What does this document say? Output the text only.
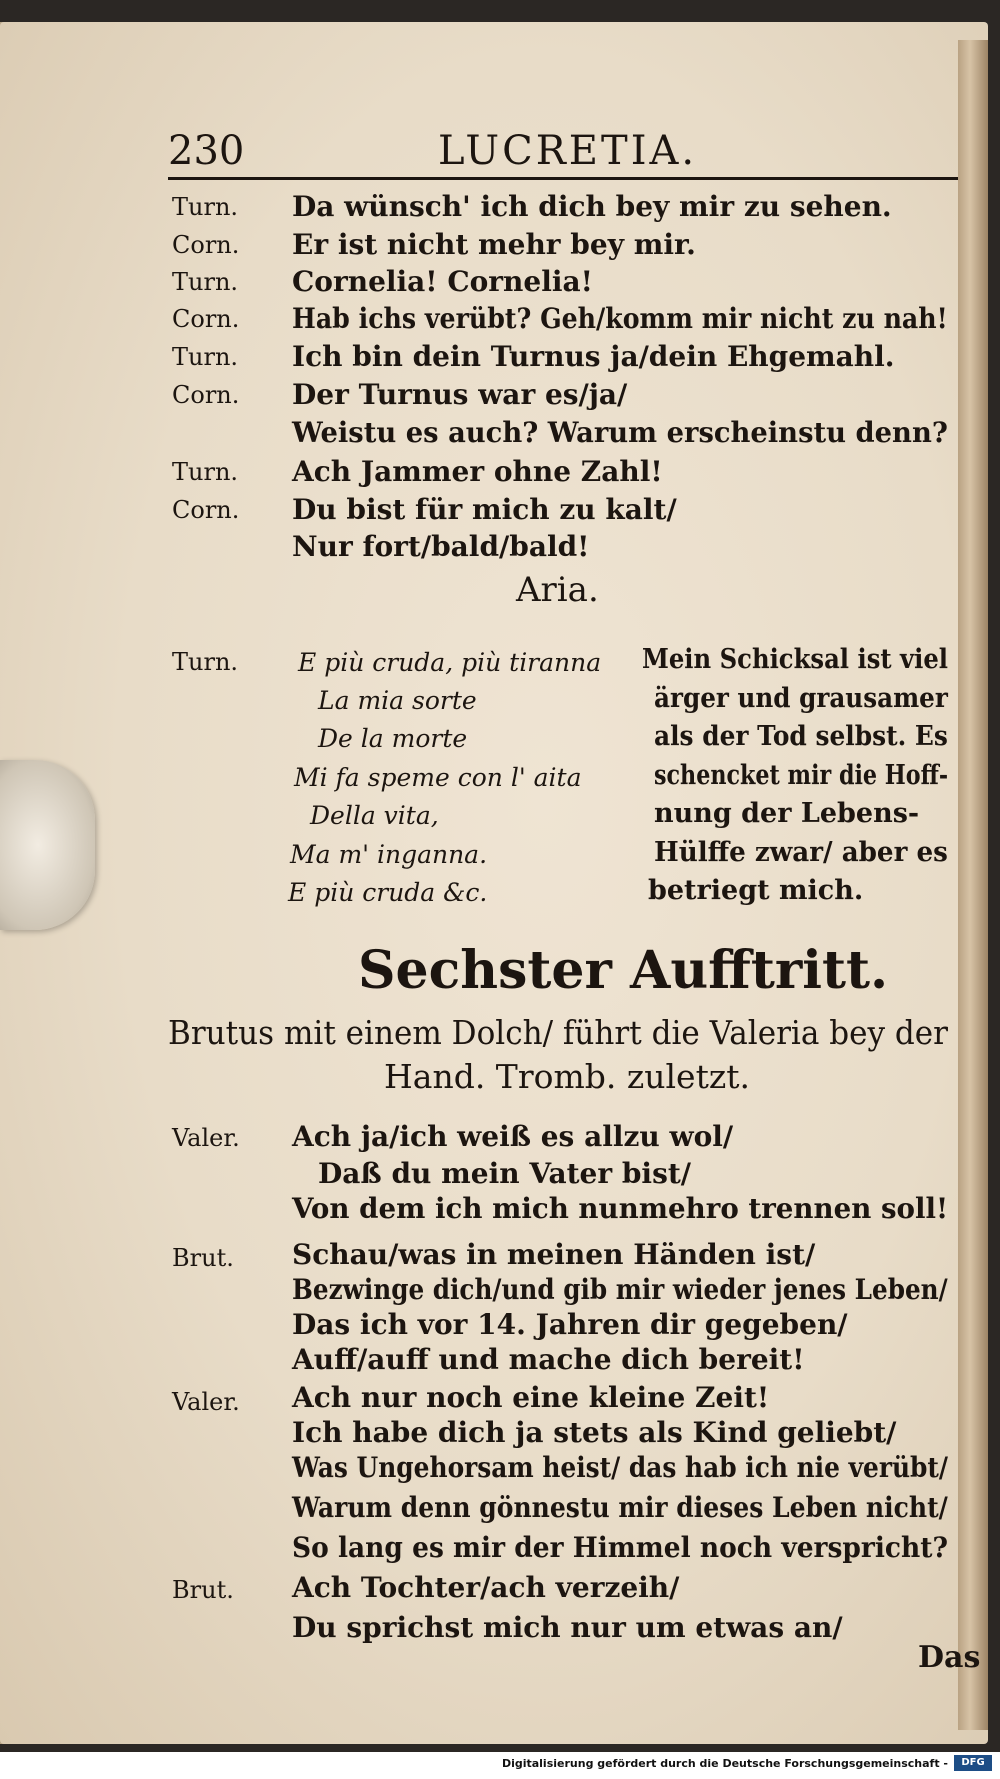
230	LUCRETIA.
Turn. Da wünsch' ich dich bey mir zu sehen.
Corn. Er ist nicht mehr bey mir.
Turn. Cornelia! Cornelia!
Corn. Hab ichs verübt? Geh/komm mir nicht zu nah!
Turn. Ich bin dein Turnus ja/dein Ehgemahl.
Corn. Der Turnus war es/ja/
Weistu es auch? Warum erscheinstu denn?
Turn. Ach Jammer ohne Zahl!
Corn. Du bist für mich zu kalt/
Nur fort/bald/bald!
Aria.
Turn. E più cruda, più tiranna
La mia sorte
De la morte
Mi fa speme con l' aita
Della vita,
Ma m' inganna.
E più cruda &c.
Mein Schicksal ist viel
ärger und grausamer
als der Tod selbst. Es
schencket mir die Hoff-
nung der Lebens-
Hülffe zwar/ aber es
betriegt mich.
Sechster Aufftritt.
Brutus mit einem Dolch/ führt die Valeria bey der
Hand. Tromb. zuletzt.
Valer. Ach ja/ich weiß es allzu wol/
Daß du mein Vater bist/
Von dem ich mich nunmehro trennen soll!
Brut. Schau/was in meinen Händen ist/
Bezwinge dich/und gib mir wieder jenes Leben/
Das ich vor 14. Jahren dir gegeben/
Auff/auff und mache dich bereit!
Valer. Ach nur noch eine kleine Zeit!
Ich habe dich ja stets als Kind geliebt/
Was Ungehorsam heist/ das hab ich nie verübt/
Warum denn gönnestu mir dieses Leben nicht/
So lang es mir der Himmel noch verspricht?
Brut. Ach Tochter/ach verzeih/
Du sprichst mich nur um etwas an/
Das
Digitalisierung gefördert durch die Deutsche Forschungsgemeinschaft -	DFG
